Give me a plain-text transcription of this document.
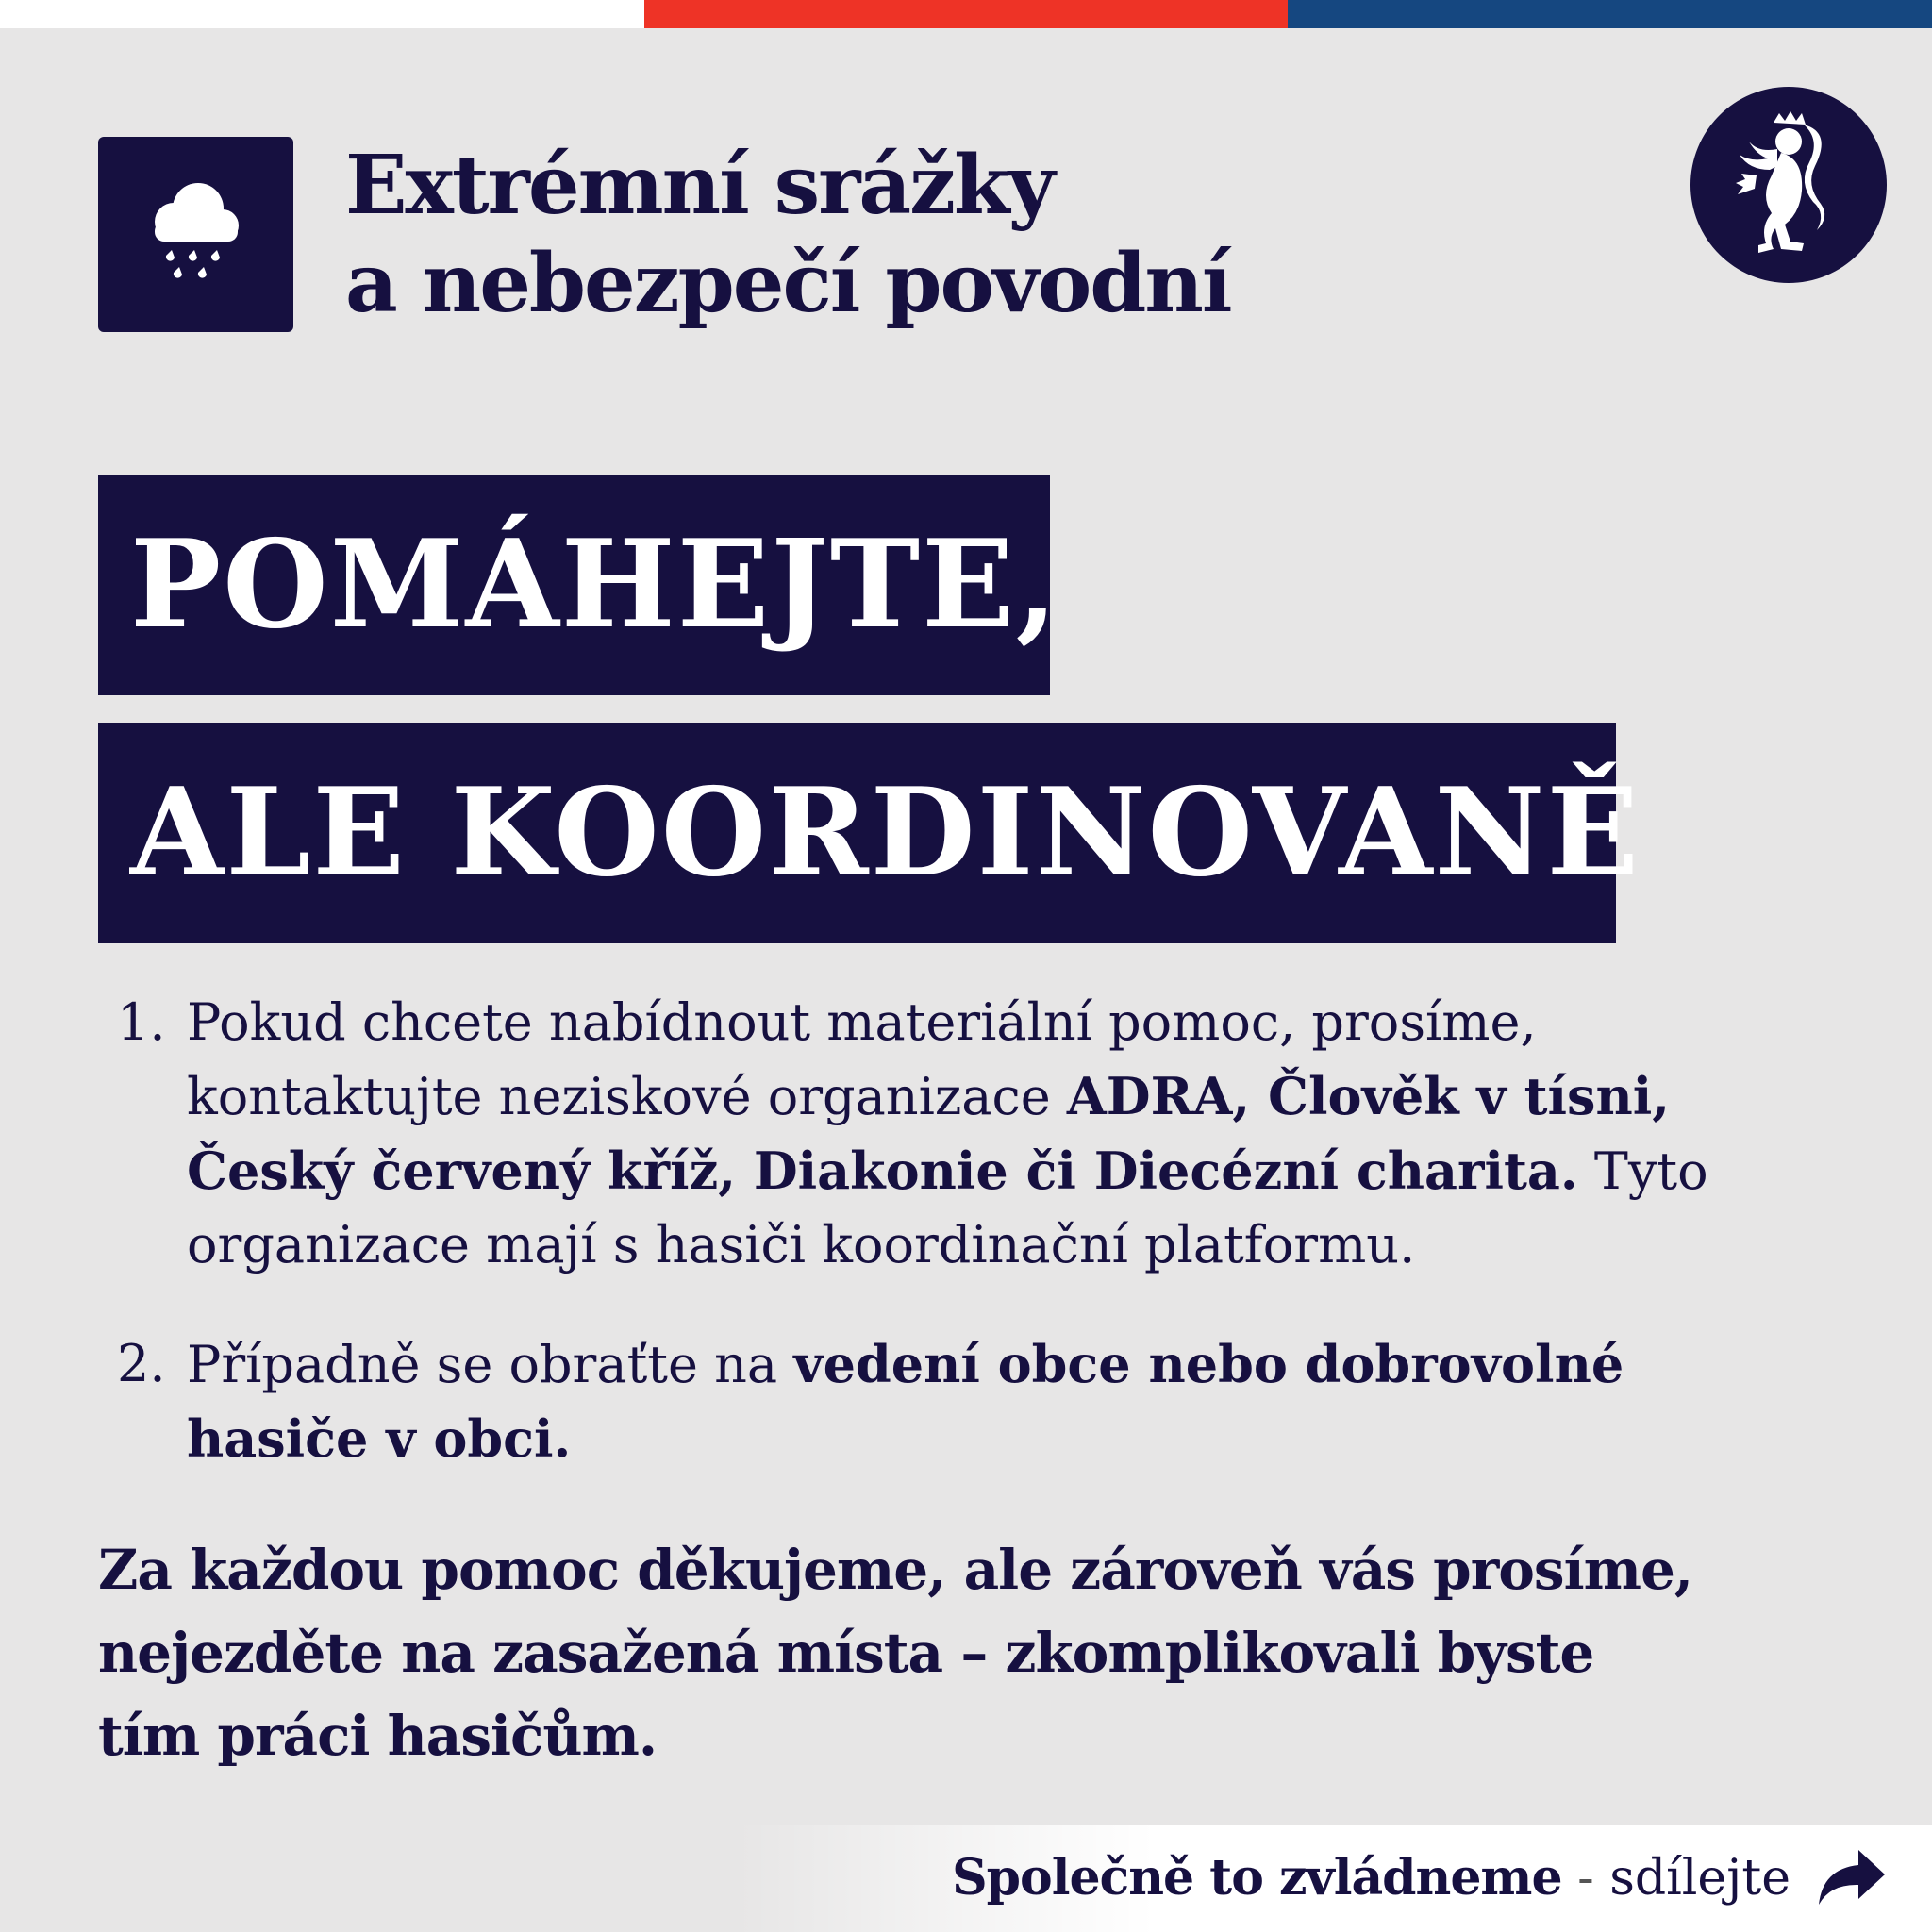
Extrémní srážky
a nebezpečí povodní
POMÁHEJTE,
ALE KOORDINOVANĚ
1. Pokud chcete nabídnout materiální pomoc, prosíme,
kontaktujte neziskové organizace ADRA, Člověk v tísni,
Český červený kříž, Diakonie či Diecézní charita. Tyto
organizace mají s hasiči koordinační platformu.
2. Případně se obraťte na vedení obce nebo dobrovolné
hasiče v obci.
Za každou pomoc děkujeme, ale zároveň vás prosíme,
nejezděte na zasažená místa – zkomplikovali byste
tím práci hasičům.
Společně to zvládneme - sdílejte
